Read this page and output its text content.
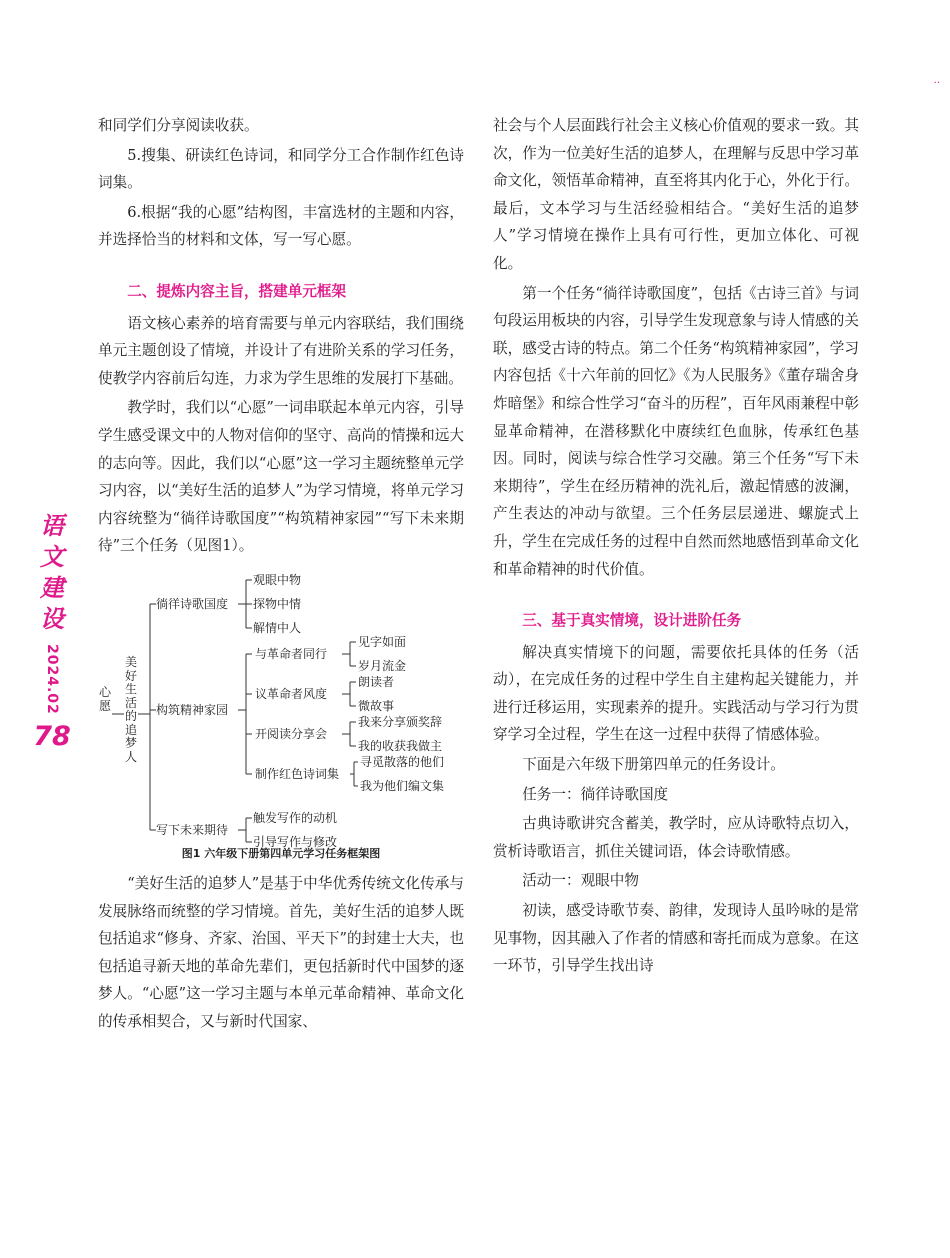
··
语文建设
2024.02
78

和同学们分享阅读收获。

5.搜集、研读红色诗词，和同学分工合作制作红色诗词集。

6.根据“我的心愿”结构图，丰富选材的主题和内容，并选择恰当的材料和文体，写一写心愿。

二、提炼内容主旨，搭建单元框架

语文核心素养的培育需要与单元内容联结，我们围绕单元主题创设了情境，并设计了有进阶关系的学习任务，使教学内容前后勾连，力求为学生思维的发展打下基础。

教学时，我们以“心愿”一词串联起本单元内容，引导学生感受课文中的人物对信仰的坚守、高尚的情操和远大的志向等。因此，我们以“心愿”这一学习主题统整单元学习内容，以“美好生活的追梦人”为学习情境，将单元学习内容统整为“徜徉诗歌国度”“构筑精神家园”“写下未来期待”三个任务（见图1）。

心愿
美好生活的追梦人
徜徉诗歌国度
观眼中物
探物中情
解情中人
构筑精神家园
与革命者同行
议革命者风度
开阅读分享会
制作红色诗词集
见字如面
岁月流金
朗读者
微故事
我来分享颁奖辞
我的收获我做主
寻觅散落的他们
我为他们编文集
写下未来期待
触发写作的动机
引导写作与修改
图1 六年级下册第四单元学习任务框架图

“美好生活的追梦人”是基于中华优秀传统文化传承与发展脉络而统整的学习情境。首先，美好生活的追梦人既包括追求“修身、齐家、治国、平天下”的封建士大夫，也包括追寻新天地的革命先辈们，更包括新时代中国梦的逐梦人。“心愿”这一学习主题与本单元革命精神、革命文化的传承相契合，又与新时代国家、

社会与个人层面践行社会主义核心价值观的要求一致。其次，作为一位美好生活的追梦人，在理解与反思中学习革命文化，领悟革命精神，直至将其内化于心，外化于行。最后，文本学习与生活经验相结合。“美好生活的追梦人”学习情境在操作上具有可行性，更加立体化、可视化。

第一个任务“徜徉诗歌国度”，包括《古诗三首》与词句段运用板块的内容，引导学生发现意象与诗人情感的关联，感受古诗的特点。第二个任务“构筑精神家园”，学习内容包括《十六年前的回忆》《为人民服务》《董存瑞舍身炸暗堡》和综合性学习“奋斗的历程”，百年风雨兼程中彰显革命精神，在潜移默化中赓续红色血脉，传承红色基因。同时，阅读与综合性学习交融。第三个任务“写下未来期待”，学生在经历精神的洗礼后，激起情感的波澜，产生表达的冲动与欲望。三个任务层层递进、螺旋式上升，学生在完成任务的过程中自然而然地感悟到革命文化和革命精神的时代价值。

三、基于真实情境，设计进阶任务

解决真实情境下的问题，需要依托具体的任务（活动），在完成任务的过程中学生自主建构起关键能力，并进行迁移运用，实现素养的提升。实践活动与学习行为贯穿学习全过程，学生在这一过程中获得了情感体验。

下面是六年级下册第四单元的任务设计。

任务一：徜徉诗歌国度

古典诗歌讲究含蓄美，教学时，应从诗歌特点切入，赏析诗歌语言，抓住关键词语，体会诗歌情感。

活动一：观眼中物

初读，感受诗歌节奏、韵律，发现诗人虽吟咏的是常见事物，因其融入了作者的情感和寄托而成为意象。在这一环节，引导学生找出诗
